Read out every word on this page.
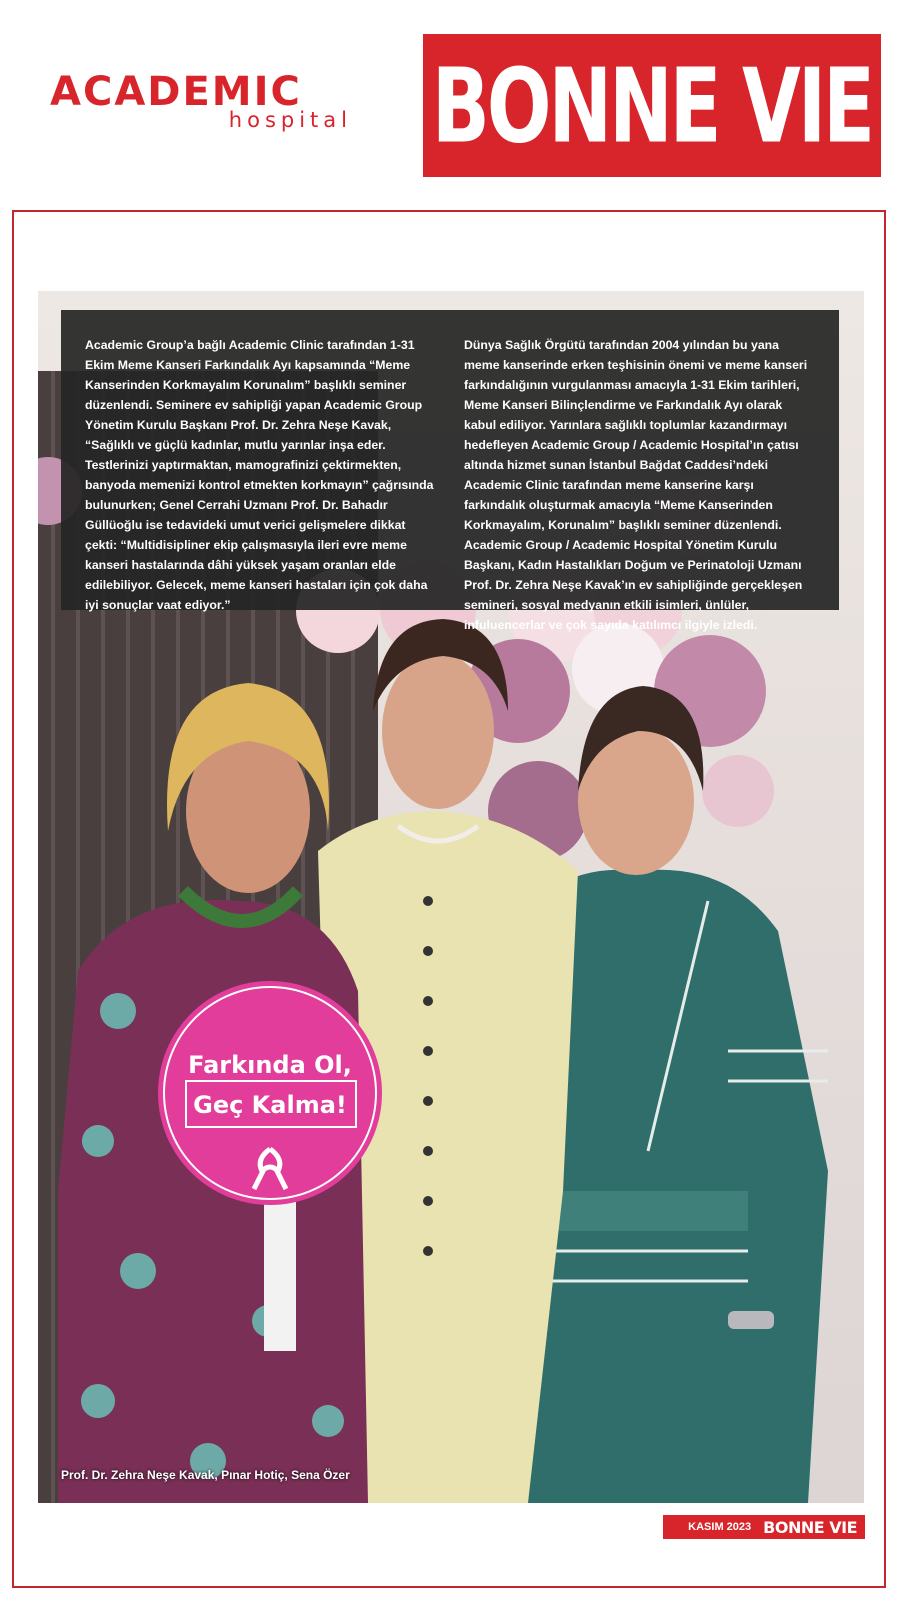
ACADEMIC
hospital BONNE VIE
Farkında Ol,
Geç Kalma!
Academic Group’a bağlı Academic Clinic tarafından 1-31 Ekim Meme Kanseri Farkındalık Ayı kapsamında “Meme Kanserinden Korkmayalım Korunalım” başlıklı seminer düzenlendi. Seminere ev sahipliği yapan Academic Group Yönetim Kurulu Başkanı Prof. Dr. Zehra Neşe Kavak, “Sağlıklı ve güçlü kadınlar, mutlu yarınlar inşa eder. Testlerinizi yaptırmaktan, mamografinizi çektirmekten, banyoda memenizi kontrol etmekten korkmayın” çağrısında bulunurken; Genel Cerrahi Uzmanı Prof. Dr. Bahadır Güllüoğlu ise tedavideki umut verici gelişmelere dikkat çekti: “Multidisipliner ekip çalışmasıyla ileri evre meme kanseri hastalarında dâhi yüksek yaşam oranları elde edilebiliyor. Gelecek, meme kanseri hastaları için çok daha iyi sonuçlar vaat ediyor.”
Dünya Sağlık Örgütü tarafından 2004 yılından bu yana meme kanserinde erken teşhisinin önemi ve meme kanseri farkındalığının vurgulanması amacıyla 1-31 Ekim tarihleri, Meme Kanseri Bilinçlendirme ve Farkındalık Ayı olarak kabul ediliyor. Yarınlara sağlıklı toplumlar kazandırmayı hedefleyen Academic Group / Academic Hospital’ın çatısı altında hizmet sunan İstanbul Bağdat Caddesi’ndeki Academic Clinic tarafından meme kanserine karşı farkındalık oluşturmak amacıyla “Meme Kanserinden Korkmayalım, Korunalım” başlıklı seminer düzenlendi. Academic Group / Academic Hospital Yönetim Kurulu Başkanı, Kadın Hastalıkları Doğum ve Perinatoloji Uzmanı Prof. Dr. Zehra Neşe Kavak’ın ev sahipliğinde gerçekleşen semineri, sosyal medyanın etkili isimleri, ünlüler, infuluencerlar ve çok sayıda katılımcı ilgiyle izledi.
Prof. Dr. Zehra Neşe Kavak, Pınar Hotiç, Sena Özer
KASIM 2023 BONNE VIE
